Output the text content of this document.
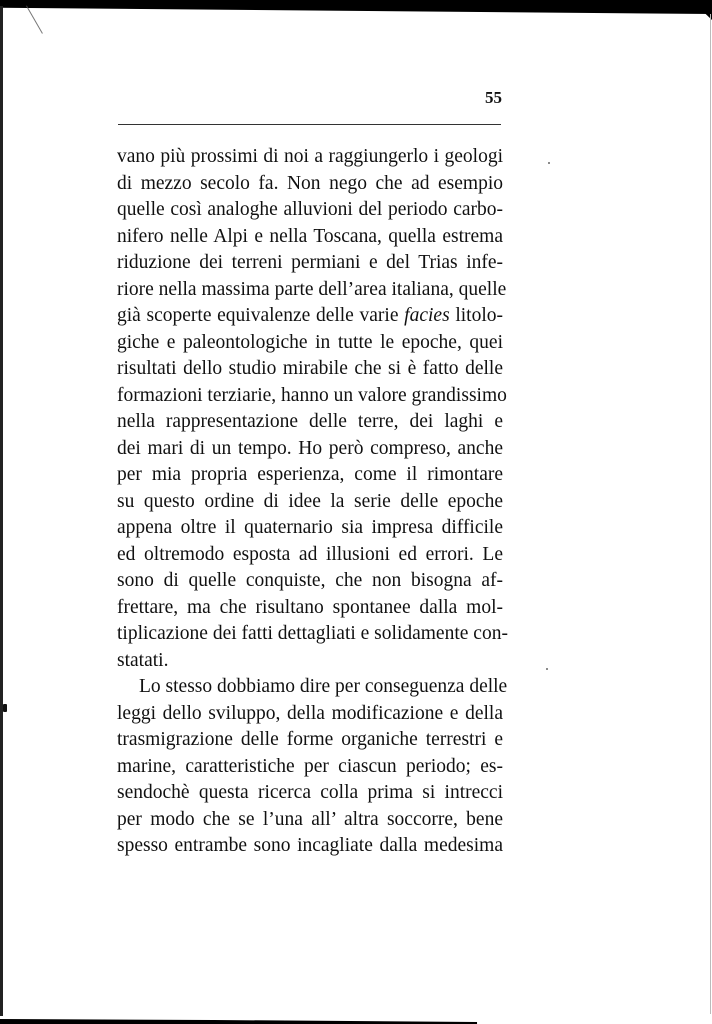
55
vano più prossimi di noi a raggiungerlo i geologi
di mezzo secolo fa. Non nego che ad esempio
quelle così analoghe alluvioni del periodo carbo-
nifero nelle Alpi e nella Toscana, quella estrema
riduzione dei terreni permiani e del Trias infe-
riore nella massima parte dell’area italiana, quelle
già scoperte equivalenze delle varie facies litolo-
giche e paleontologiche in tutte le epoche, quei
risultati dello studio mirabile che si è fatto delle
formazioni terziarie, hanno un valore grandissimo
nella rappresentazione delle terre, dei laghi e
dei mari di un tempo. Ho però compreso, anche
per mia propria esperienza, come il rimontare
su questo ordine di idee la serie delle epoche
appena oltre il quaternario sia impresa difficile
ed oltremodo esposta ad illusioni ed errori. Le
sono di quelle conquiste, che non bisogna af-
frettare, ma che risultano spontanee dalla mol-
tiplicazione dei fatti dettagliati e solidamente con-
statati.
Lo stesso dobbiamo dire per conseguenza delle
leggi dello sviluppo, della modificazione e della
trasmigrazione delle forme organiche terrestri e
marine, caratteristiche per ciascun periodo; es-
sendochè questa ricerca colla prima si intrecci
per modo che se l’una all’ altra soccorre, bene
spesso entrambe sono incagliate dalla medesima
